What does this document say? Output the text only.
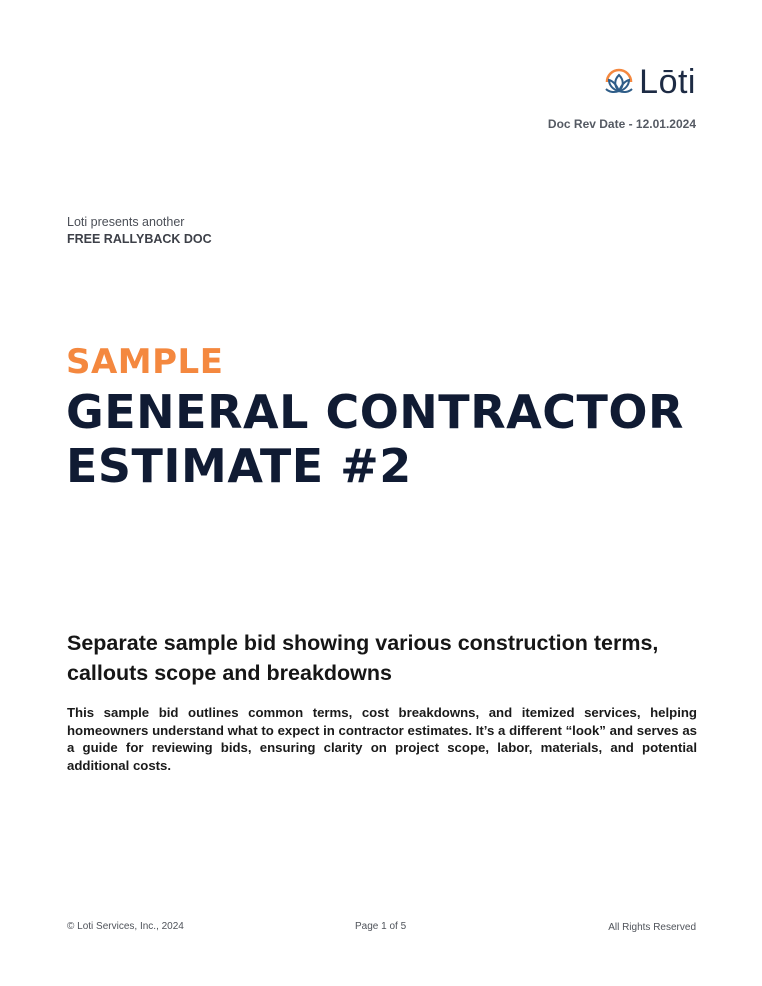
Lōti
Doc Rev Date - 12.01.2024
Loti presents another
FREE RALLYBACK DOC
SAMPLE
GENERAL CONTRACTOR ESTIMATE #2
Separate sample bid showing various construction terms, callouts scope and breakdowns
This sample bid outlines common terms, cost breakdowns, and itemized services, helping homeowners understand what to expect in contractor estimates. It’s a different “look” and serves as a guide for reviewing bids, ensuring clarity on project scope, labor, materials, and potential additional costs.
© Loti Services, Inc., 2024	Page 1 of 5	All Rights Reserved
